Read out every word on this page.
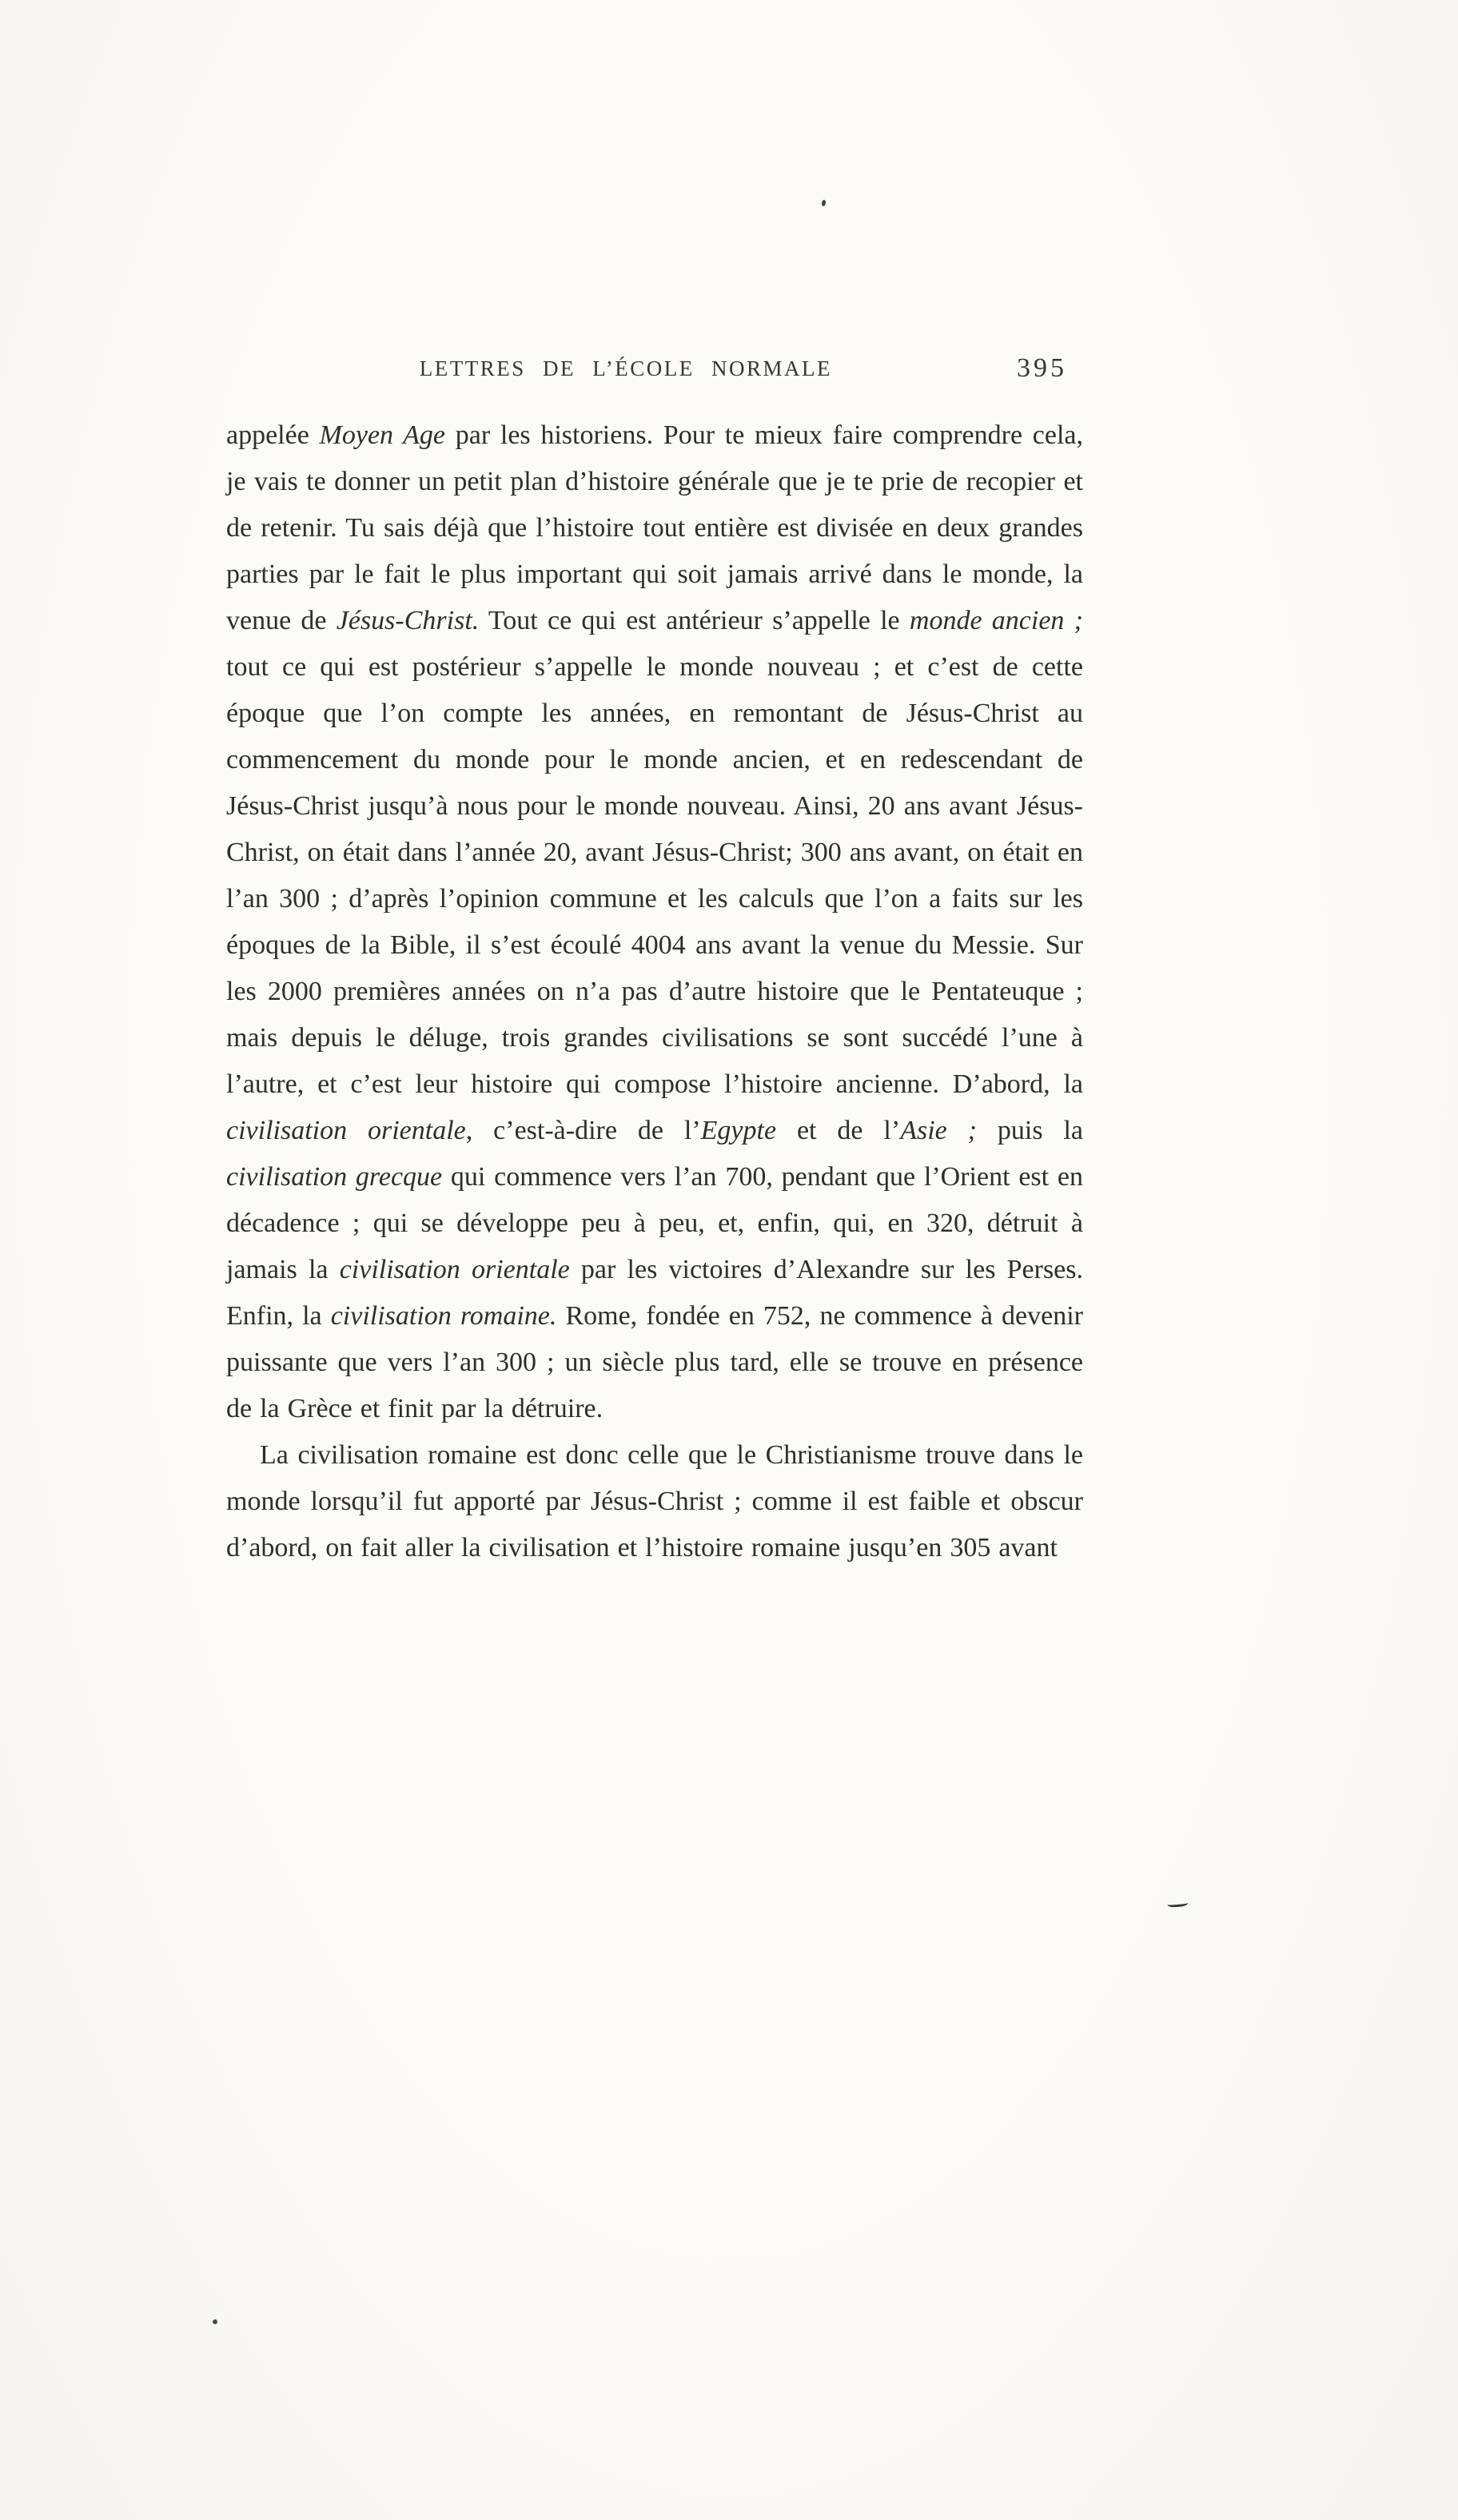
LETTRES DE L’ÉCOLE NORMALE	395

appelée Moyen Age par les historiens. Pour te mieux faire comprendre cela, je vais te donner un petit plan d’histoire générale que je te prie de recopier et de retenir. Tu sais déjà que l’histoire tout entière est divisée en deux grandes parties par le fait le plus important qui soit jamais arrivé dans le monde, la venue de Jésus-Christ. Tout ce qui est antérieur s’appelle le monde ancien ; tout ce qui est postérieur s’appelle le monde nouveau ; et c’est de cette époque que l’on compte les années, en remontant de Jésus-Christ au commencement du monde pour le monde ancien, et en redescendant de Jésus-Christ jusqu’à nous pour le monde nouveau. Ainsi, 20 ans avant Jésus-Christ, on était dans l’année 20, avant Jésus-Christ; 300 ans avant, on était en l’an 300 ; d’après l’opinion commune et les calculs que l’on a faits sur les époques de la Bible, il s’est écoulé 4004 ans avant la venue du Messie. Sur les 2000 premières années on n’a pas d’autre histoire que le Pentateuque ; mais depuis le déluge, trois grandes civilisations se sont succédé l’une à l’autre, et c’est leur histoire qui compose l’histoire ancienne. D’abord, la civilisation orientale, c’est-à-dire de l’Egypte et de l’Asie ; puis la civilisation grecque qui commence vers l’an 700, pendant que l’Orient est en décadence ; qui se développe peu à peu, et, enfin, qui, en 320, détruit à jamais la civilisation orientale par les victoires d’Alexandre sur les Perses. Enfin, la civilisation romaine. Rome, fondée en 752, ne commence à devenir puissante que vers l’an 300 ; un siècle plus tard, elle se trouve en présence de la Grèce et finit par la détruire.

La civilisation romaine est donc celle que le Christianisme trouve dans le monde lorsqu’il fut apporté par Jésus-Christ ; comme il est faible et obscur d’abord, on fait aller la civilisation et l’histoire romaine jusqu’en 305 avant
